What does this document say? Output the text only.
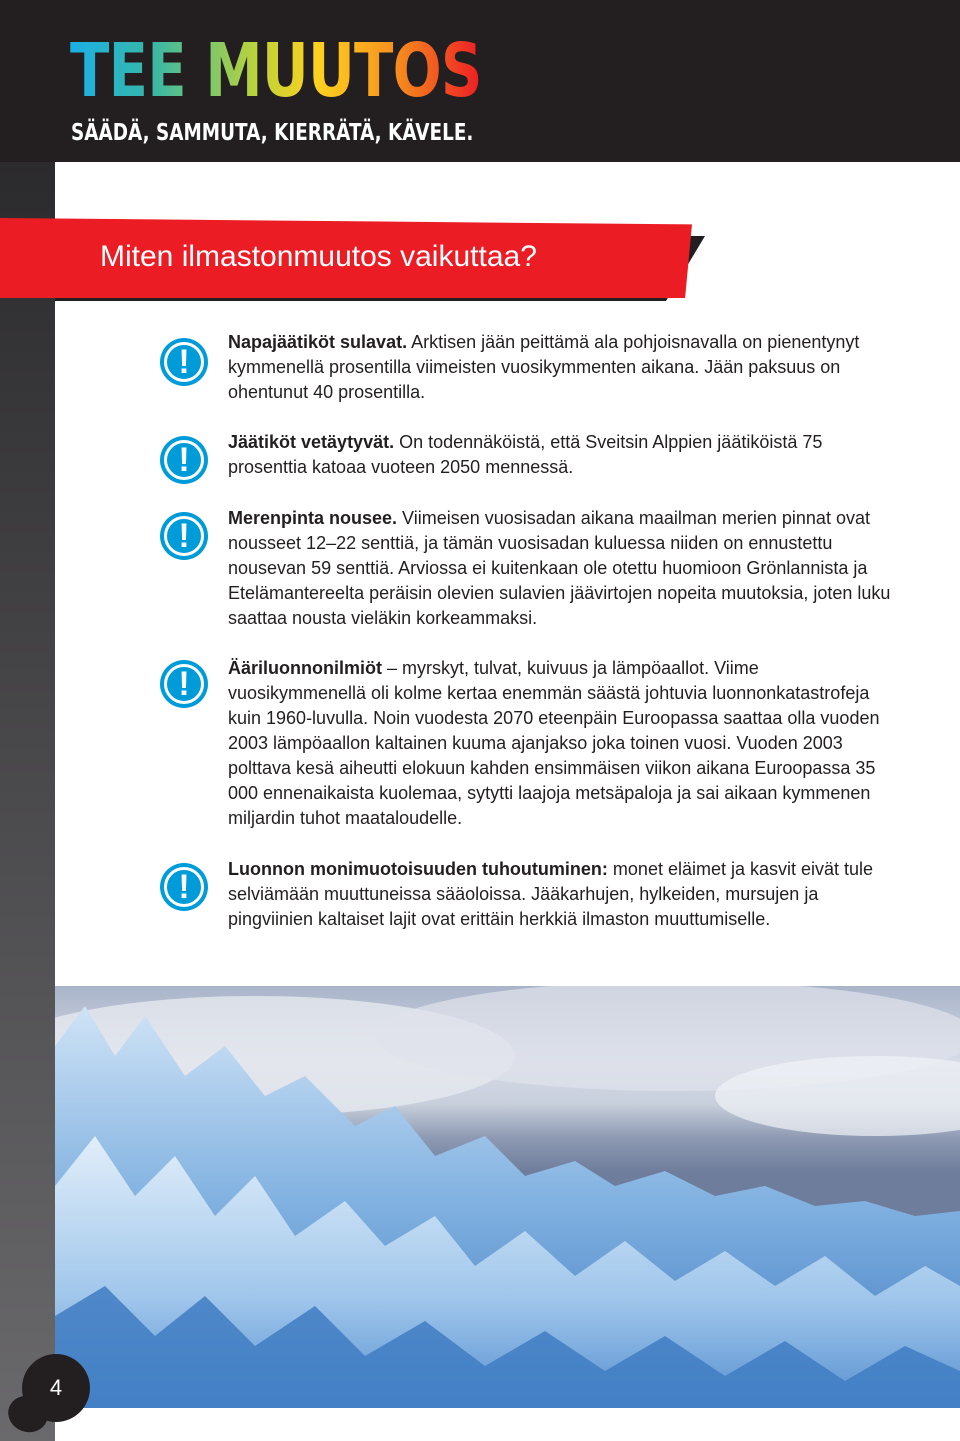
TEE MUUTOS

SÄÄDÄ, SAMMUTA, KIERRÄTÄ, KÄVELE.

Miten ilmastonmuutos vaikuttaa?
!

Napajäätiköt sulavat. Arktisen jään peittämä ala pohjoisnavalla on pienentynyt kymmenellä prosentilla viimeisten vuosikymmenten aikana. Jään paksuus on ohentunut 40 prosentilla.

!	Jäätiköt vetäytyvät. On todennäköistä, että Sveitsin Alppien jäätiköistä 75 prosenttia katoaa vuoteen 2050 mennessä.

!	Merenpinta nousee. Viimeisen vuosisadan aikana maailman merien pinnat ovat nousseet 12–22 senttiä, ja tämän vuosisadan kuluessa niiden on ennustettu nousevan 59 senttiä. Arviossa ei kuitenkaan ole otettu huomioon Grönlannista ja Etelämantereelta peräisin olevien sulavien jäävirtojen nopeita muutoksia, joten luku saattaa nousta vieläkin korkeammaksi.

!	Ääriluonnonilmiöt – myrskyt, tulvat, kuivuus ja lämpöaallot. Viime vuosikymmenellä oli kolme kertaa enemmän säästä johtuvia luonnonkatastrofeja kuin 1960-luvulla. Noin vuodesta 2070 eteenpäin Euroopassa saattaa olla vuoden 2003 lämpöaallon kaltainen kuuma ajanjakso joka toinen vuosi. Vuoden 2003 polttava kesä aiheutti elokuun kahden ensimmäisen viikon aikana Euroopassa 35 000 ennenaikaista kuolemaa, sytytti laajoja metsäpaloja ja sai aikaan kymmenen miljardin tuhot maataloudelle.

!	Luonnon monimuotoisuuden tuhoutuminen: monet eläimet ja kasvit eivät tule selviämään muuttuneissa sääoloissa. Jääkarhujen, hylkeiden, mursujen ja pingviinien kaltaiset lajit ovat erittäin herkkiä ilmaston muuttumiselle.

4
